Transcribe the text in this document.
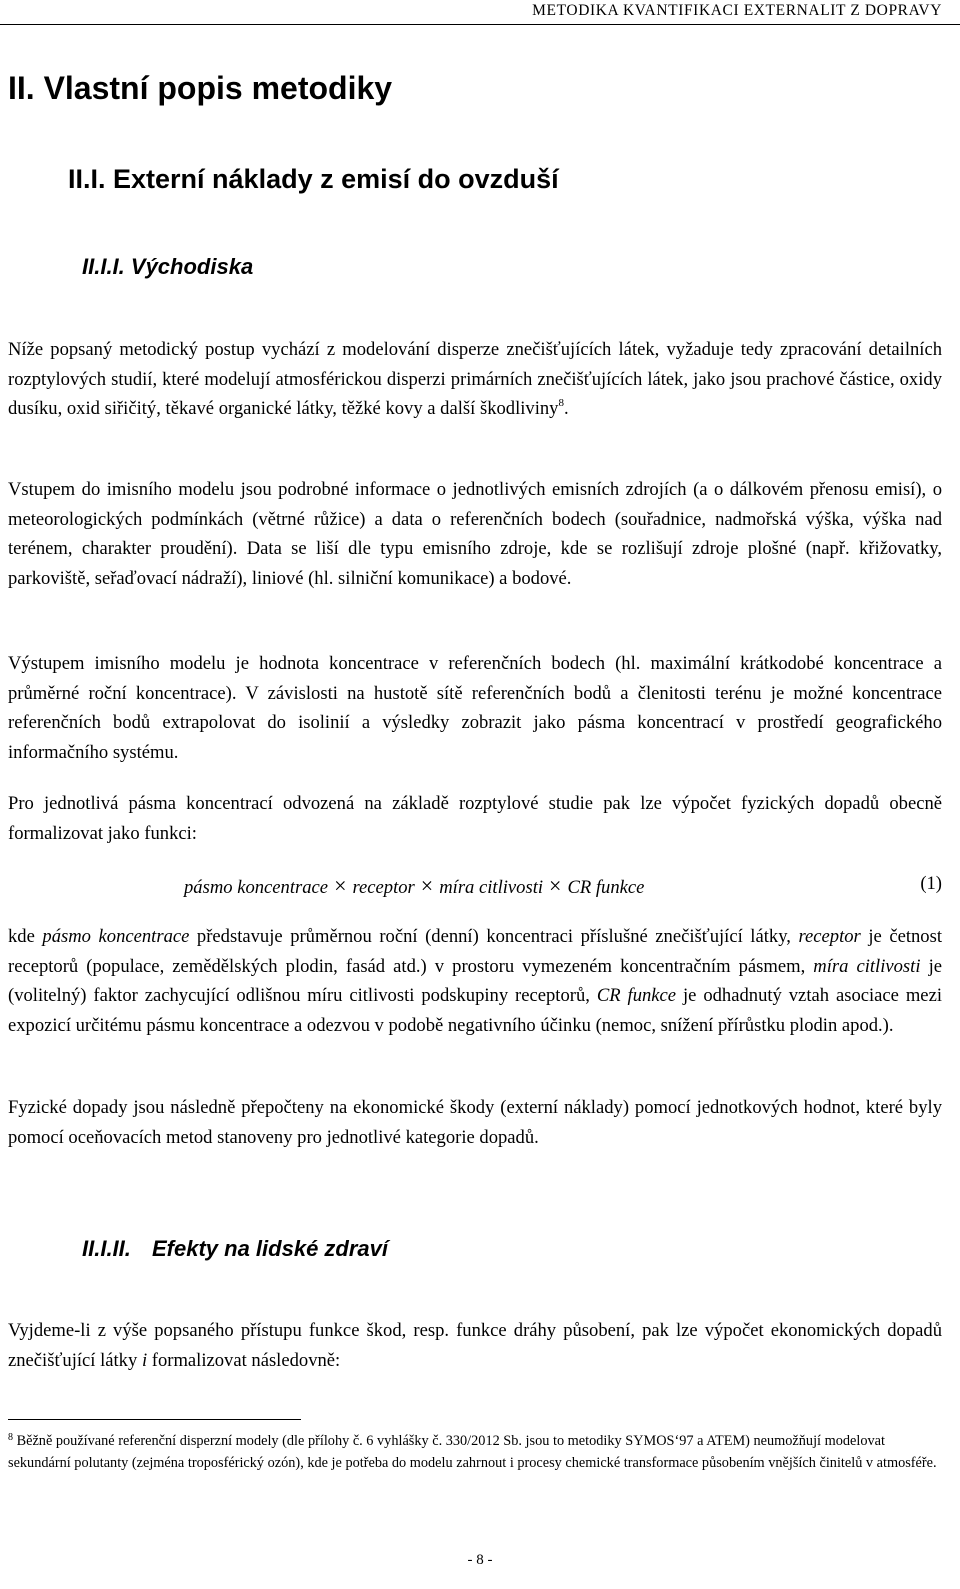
METODIKA KVANTIFIKACI EXTERNALIT Z DOPRAVY
II. Vlastní popis metodiky
II.I. Externí náklady z emisí do ovzduší
II.I.I. Východiska

Níže popsaný metodický postup vychází z modelování disperze znečišťujících látek, vyžaduje tedy zpracování detailních rozptylových studií, které modelují atmosférickou disperzi primárních znečišťujících látek, jako jsou prachové částice, oxidy dusíku, oxid siřičitý, těkavé organické látky, těžké kovy a další škodliviny$^8$.

Vstupem do imisního modelu jsou podrobné informace o jednotlivých emisních zdrojích (a o dálkovém přenosu emisí), o meteorologických podmínkách (větrné růžice) a data o referenčních bodech (souřadnice, nadmořská výška, výška nad terénem, charakter proudění). Data se liší dle typu emisního zdroje, kde se rozlišují zdroje plošné (např. křižovatky, parkoviště, seřaďovací nádraží), liniové (hl. silniční komunikace) a bodové.

Výstupem imisního modelu je hodnota koncentrace v referenčních bodech (hl. maximální krátkodobé koncentrace a průměrné roční koncentrace). V závislosti na hustotě sítě referenčních bodů a členitosti terénu je možné koncentrace referenčních bodů extrapolovat do isolinií a výsledky zobrazit jako pásma koncentrací v prostředí geografického informačního systému.

Pro jednotlivá pásma koncentrací odvozená na základě rozptylové studie pak lze výpočet fyzických dopadů obecně formalizovat jako funkci:

pásmo koncentrace × receptor × míra citlivosti × CR funkce	(1)

kde pásmo koncentrace představuje průměrnou roční (denní) koncentraci příslušné znečišťující látky, receptor je četnost receptorů (populace, zemědělských plodin, fasád atd.) v prostoru vymezeném koncentračním pásmem, míra citlivosti je (volitelný) faktor zachycující odlišnou míru citlivosti podskupiny receptorů, CR funkce je odhadnutý vztah asociace mezi expozicí určitému pásmu koncentrace a odezvou v podobě negativního účinku (nemoc, snížení přírůstku plodin apod.).

Fyzické dopady jsou následně přepočteny na ekonomické škody (externí náklady) pomocí jednotkových hodnot, které byly pomocí oceňovacích metod stanoveny pro jednotlivé kategorie dopadů.

II.I.II. Efekty na lidské zdraví

Vyjdeme-li z výše popsaného přístupu funkce škod, resp. funkce dráhy působení, pak lze výpočet ekonomických dopadů znečišťující látky i formalizovat následovně:

$^8$ Běžně používané referenční disperzní modely (dle přílohy č. 6 vyhlášky č. 330/2012 Sb. jsou to metodiky SYMOS‘97 a ATEM) neumožňují modelovat sekundární polutanty (zejména troposférický ozón), kde je potřeba do modelu zahrnout i procesy chemické transformace působením vnějších činitelů v atmosféře.

- 8 -
